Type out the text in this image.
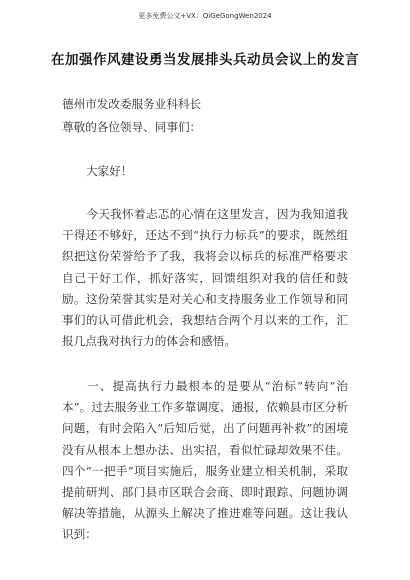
更多免费公文+VX：QiGeGongWen2024
在加强作风建设勇当发展排头兵动员会议上的发言
德州市发改委服务业科科长
尊敬的各位领导、同事们：
大家好！
今天我怀着忐忑的心情在这里发言，因为我知道我干得还不够好，还达不到“执行力标兵”的要求，既然组织把这份荣誉给予了我，我将会以标兵的标准严格要求自己干好工作，抓好落实，回馈组织对我的信任和鼓励。这份荣誉其实是对关心和支持服务业工作领导和同事们的认可借此机会，我想结合两个月以来的工作，汇报几点我对执行力的体会和感悟。
一、提高执行力最根本的是要从“治标”转向“治本”。过去服务业工作多靠调度、通报，依赖县市区分析问题，有时会陷入“后知后觉，出了问题再补救”的困境没有从根本上想办法、出实招，看似忙碌却效果不佳。四个“一把手”项目实施后，服务业建立相关机制，采取提前研判、部门县市区联合会商、即时跟踪、问题协调解决等措施，从源头上解决了推进难等问题。这让我认识到：
